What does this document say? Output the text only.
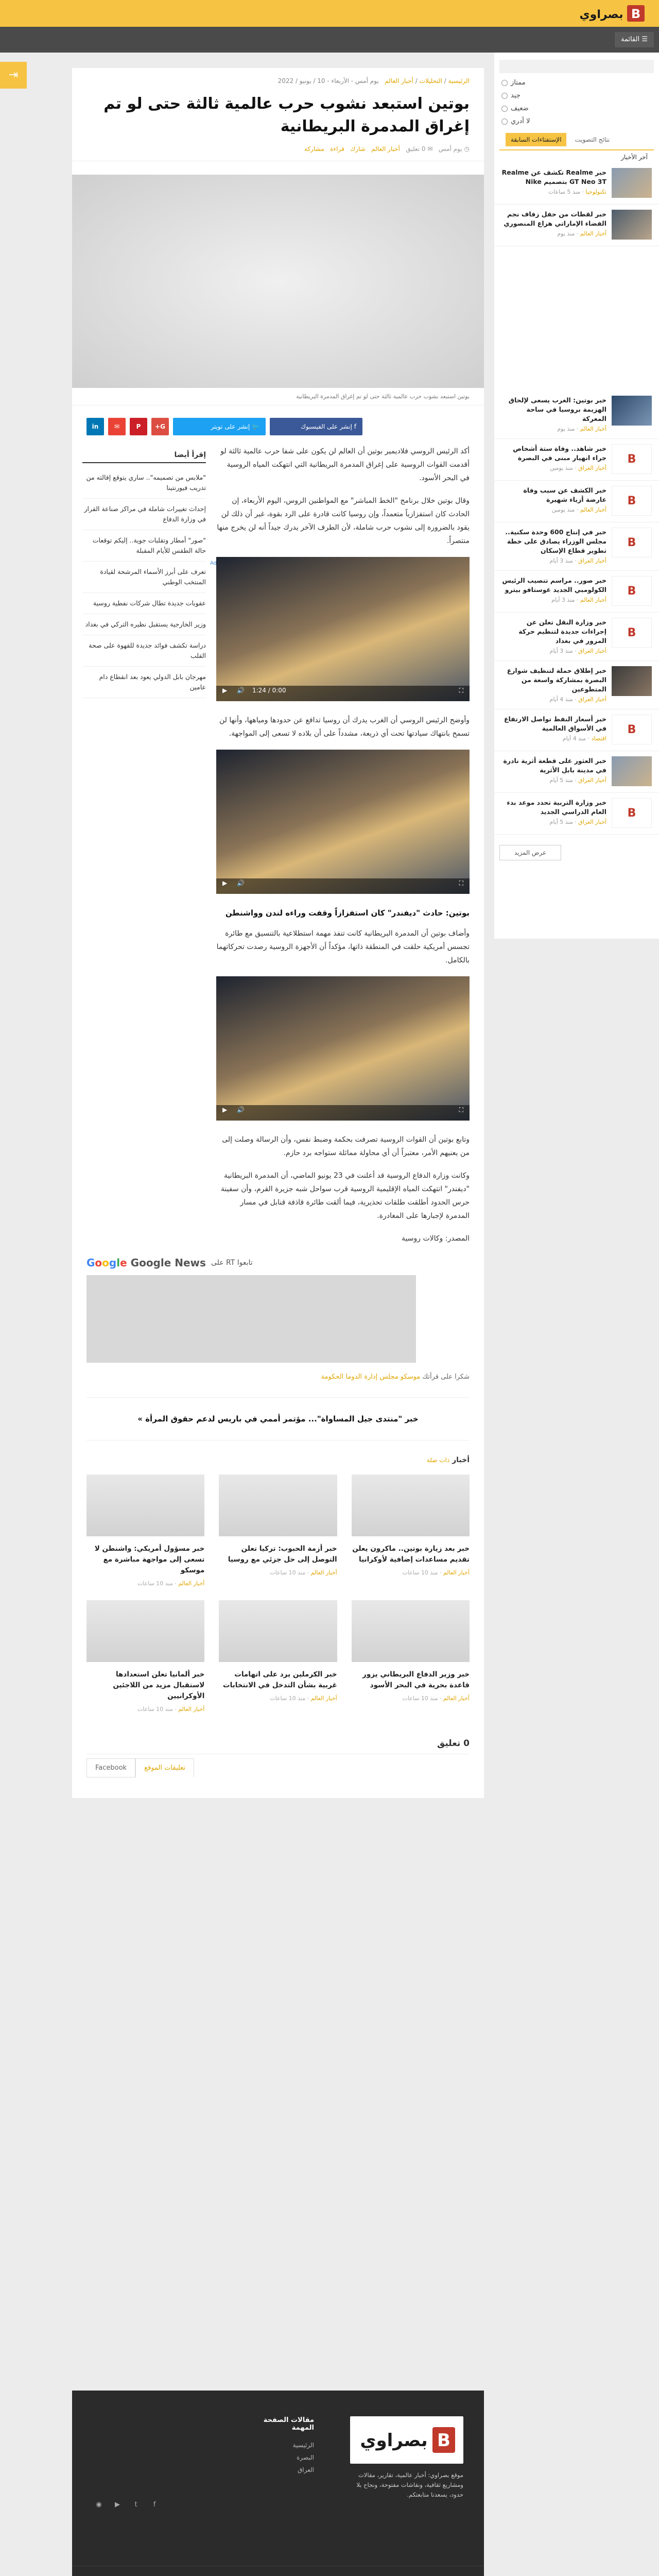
B
بصراوي
☰ القائمة
⇥
ممتاز
جيد
ضعيف
لا أدري
نتائج التصويت
الإستفتاءات السابقة
آخر الأخبار
خبر Realme تكشف عن Realme GT Neo 3T بتصميم Nike
تكنولوجيا · منذ 5 ساعات
خبر لقطات من حفل زفاف نجم الفضاء الإماراتي هزاع المنصوري
أخبار العالم · منذ يوم
خبر بوتين: الغرب يسعى لإلحاق الهزيمة بروسيا في ساحة المعركة
أخبار العالم · منذ يوم
B
خبر شاهد.. وفاة ستة أشخاص جراء انهيار مبنى في البصرة
أخبار العراق · منذ يومين
B
خبر الكشف عن سبب وفاة عارضة أزياء شهيرة
أخبار العالم · منذ يومين
B
خبر في إنتاج 600 وحدة سكنية.. مجلس الوزراء يصادق على خطة تطوير قطاع الإسكان
أخبار العراق · منذ 3 أيام
B
خبر صور.. مراسم تنصيب الرئيس الكولومبي الجديد غوستافو بيترو
أخبار العالم · منذ 3 أيام
B
خبر وزارة النقل تعلن عن إجراءات جديدة لتنظيم حركة المرور في بغداد
أخبار العراق · منذ 3 أيام
خبر إطلاق حملة لتنظيف شوارع البصرة بمشاركة واسعة من المتطوعين
أخبار العراق · منذ 4 أيام
B
خبر أسعار النفط تواصل الارتفاع في الأسواق العالمية
اقتصاد · منذ 4 أيام
خبر العثور على قطعة أثرية نادرة في مدينة بابل الأثرية
أخبار العراق · منذ 5 أيام
B
خبر وزارة التربية تحدد موعد بدء العام الدراسي الجديد
أخبار العراق · منذ 5 أيام
عرض المزيد
الرئيسية / التحليلات / أخبار العالم   يوم أمس - الأربعاء - 10 / يونيو / 2022
بوتين استبعد نشوب حرب عالمية ثالثة حتى لو تم إغراق المدمرة البريطانية
◷ يوم أمس   ✉ 0 تعليق   أخبار العالم   شارك   قراءة   مشاركة
بوتين استبعد نشوب حرب عالمية ثالثة حتى لو تم إغراق المدمرة البريطانية
f إنشر على الفيسبوك
🐦 إنشر على تويتر
G+
P
✉
in

أكد الرئيس الروسي فلاديمير بوتين أن العالم لن يكون على شفا حرب عالمية ثالثة لو أقدمت القوات الروسية على إغراق المدمرة البريطانية التي انتهكت المياه الروسية في البحر الأسود.

وقال بوتين خلال برنامج "الخط المباشر" مع المواطنين الروس، اليوم الأربعاء، إن الحادث كان استفزازياً متعمداً، وإن روسيا كانت قادرة على الرد بقوة، غير أن ذلك لن يقود بالضرورة إلى نشوب حرب شاملة، لأن الطرف الآخر يدرك جيداً أنه لن يخرج منها منتصراً.

Ad
▶ 🔊 0:00 / 1:24	⛶

وأوضح الرئيس الروسي أن الغرب يدرك أن روسيا تدافع عن حدودها ومياهها، وأنها لن تسمح بانتهاك سيادتها تحت أي ذريعة، مشدداً على أن بلاده لا تسعى إلى المواجهة.

▶ 🔊	⛶
بوتين: حادث "ديفندر" كان استفزازاً وقفت وراءه لندن وواشنطن

وأضاف بوتين أن المدمرة البريطانية كانت تنفذ مهمة استطلاعية بالتنسيق مع طائرة تجسس أمريكية حلقت في المنطقة ذاتها، مؤكداً أن الأجهزة الروسية رصدت تحركاتهما بالكامل.

▶ 🔊	⛶

وتابع بوتين أن القوات الروسية تصرفت بحكمة وضبط نفس، وأن الرسالة وصلت إلى من يعنيهم الأمر، معتبراً أن أي محاولة مماثلة ستواجه برد حازم.

وكانت وزارة الدفاع الروسية قد أعلنت في 23 يونيو الماضي، أن المدمرة البريطانية "ديفندر" انتهكت المياه الإقليمية الروسية قرب سواحل شبه جزيرة القرم، وأن سفينة حرس الحدود أطلقت طلقات تحذيرية، فيما ألقت طائرة قاذفة قنابل في مسار المدمرة لإجبارها على المغادرة.

المصدر: وكالات روسية

إقرأ أيضا
"ملابس من تصميمه".. ساري يتوقع إقالته من تدريب فيورنتينا
إحداث تغييرات شاملة في مراكز صناعة القرار في وزارة الدفاع
"صور" أمطار وتقلبات جوية.. إليكم توقعات حالة الطقس للأيام المقبلة
تعرف على أبرز الأسماء المرشحة لقيادة المنتخب الوطني
عقوبات جديدة تطال شركات نفطية روسية
وزير الخارجية يستقبل نظيره التركي في بغداد
دراسة تكشف فوائد جديدة للقهوة على صحة القلب
مهرجان بابل الدولي يعود بعد انقطاع دام عامين
تابعوا RT على
Google Google News
شكرا على قرأتك موسكو مجلس إدارة الدوما الحكومة
خبر "منتدى جيل المساواة"... مؤتمر أممي في باريس لدعم حقوق المرأة »
أخبار ذات صلة
خبر بعد زيارة بوتين.. ماكرون يعلن تقديم مساعدات إضافية لأوكرانيا
أخبار العالم · منذ 10 ساعات
خبر أزمة الحبوب: تركيا تعلن التوصل إلى حل جزئي مع روسيا
أخبار العالم · منذ 10 ساعات
خبر مسؤول أمريكي: واشنطن لا تسعى إلى مواجهة مباشرة مع موسكو
أخبار العالم · منذ 10 ساعات
خبر وزير الدفاع البريطاني يزور قاعدة بحرية في البحر الأسود
أخبار العالم · منذ 10 ساعات
خبر الكرملين يرد على اتهامات غربية بشأن التدخل في الانتخابات
أخبار العالم · منذ 10 ساعات
خبر ألمانيا تعلن استعدادها لاستقبال مزيد من اللاجئين الأوكرانيين
أخبار العالم · منذ 10 ساعات
0 تعليق
تعليقات الموقع
Facebook
B
بصراوي
موقع بصراوي: أخبار عالمية، تقارير، مقالات ومشاريع ثقافية، ونقاشات مفتوحة، ونجاح بلا حدود، يسعدنا متابعتكم.
مقالات الصفحة المهمة
الرئيسية
البصرة
العراق
f
t
▶
◉
